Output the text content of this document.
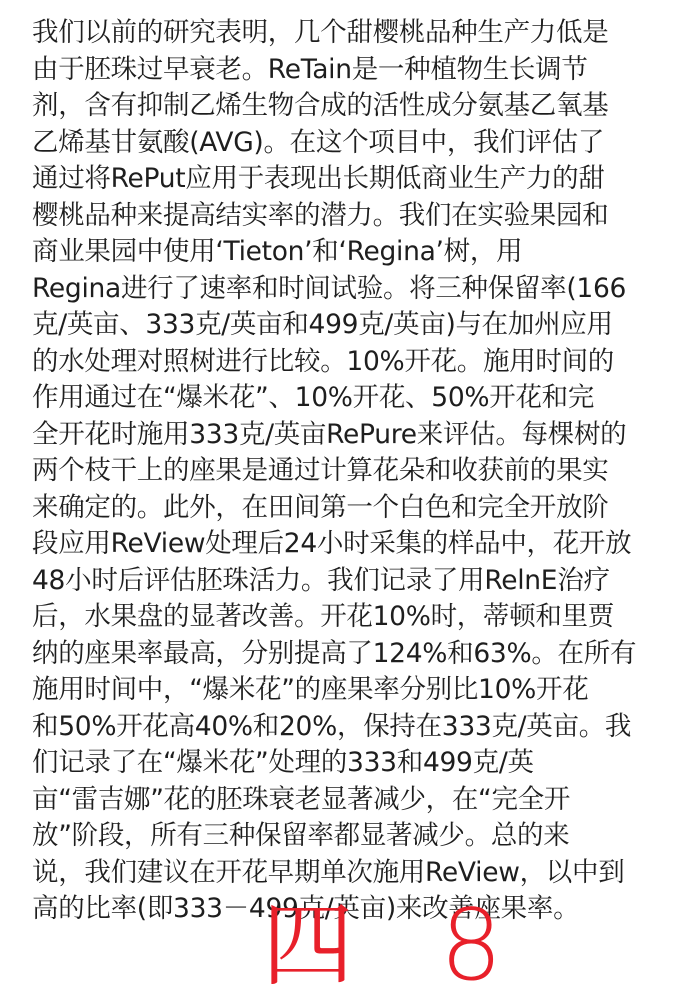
我们以前的研究表明，几个甜樱桃品种生产力低是
由于胚珠过早衰老。ReTain是一种植物生长调节
剂，含有抑制乙烯生物合成的活性成分氨基乙氧基
乙烯基甘氨酸(AVG)。在这个项目中，我们评估了
通过将RePut应用于表现出长期低商业生产力的甜
樱桃品种来提高结实率的潜力。我们在实验果园和
商业果园中使用‘Tieton’和‘Regina’树，用
Regina进行了速率和时间试验。将三种保留率(166
克/英亩、333克/英亩和499克/英亩)与在加州应用
的水处理对照树进行比较。10%开花。施用时间的
作用通过在“爆米花”、10%开花、50%开花和完
全开花时施用333克/英亩RePure来评估。每棵树的
两个枝干上的座果是通过计算花朵和收获前的果实
来确定的。此外，在田间第一个白色和完全开放阶
段应用ReView处理后24小时采集的样品中，花开放
48小时后评估胚珠活力。我们记录了用RelnE治疗
后，水果盘的显著改善。开花10%时，蒂顿和里贾
纳的座果率最高，分别提高了124%和63%。在所有
施用时间中，“爆米花”的座果率分别比10%开花
和50%开花高40%和20%，保持在333克/英亩。我
们记录了在“爆米花”处理的333和499克/英
亩“雷吉娜”花的胚珠衰老显著减少，在“完全开
放”阶段，所有三种保留率都显著减少。总的来
说，我们建议在开花早期单次施用ReView，以中到
高的比率(即333－499克/英亩)来改善座果率。
四 8
